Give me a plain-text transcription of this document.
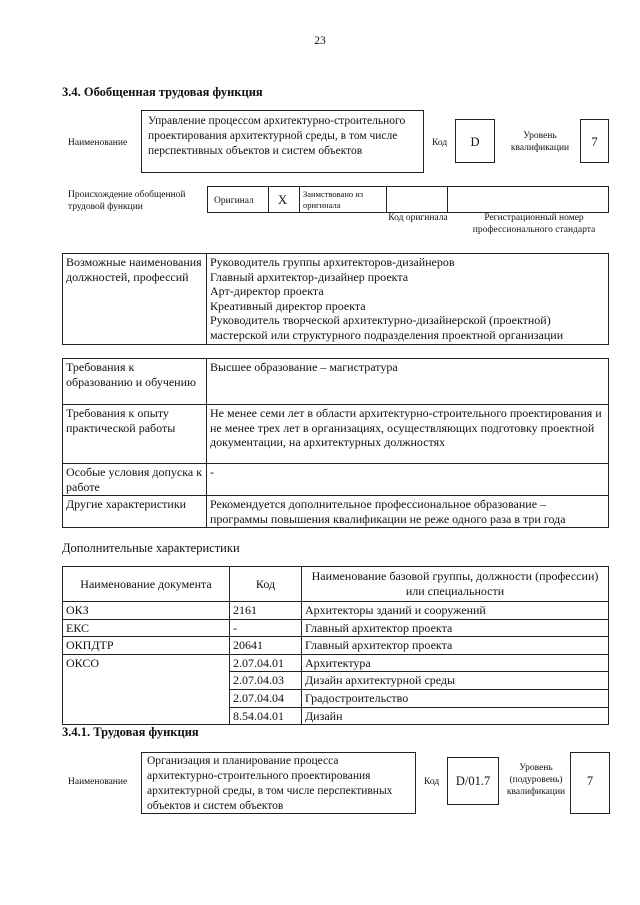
23
3.4. Обобщенная трудовая функция
Наименование
Управление процессом архитектурно-строительного проектирования архитектурной среды, в том числе перспективных объектов и систем объектов
Код	D	Уровень квалификации	7
Происхождение обобщенной трудовой функции
Оригинал X Заимствовано из оригинала
Код оригинала	Регистрационный номер профессионального стандарта
Возможные наименования должностей, профессий	
Руководитель группы архитекторов-дизайнеров
Главный архитектор-дизайнер проекта
Арт-директор проекта
Креативный директор проекта
Руководитель творческой архитектурно-дизайнерской (проектной) мастерской или структурного подразделения проектной организации
Требования к образованию и обучению	Высшее образование – магистратура
Требования к опыту практической работы	Не менее семи лет в области архитектурно-строительного проектирования и не менее трех лет в организациях, осуществляющих подготовку проектной документации, на архитектурных должностях
Особые условия допуска к работе	-
Другие характеристики	Рекомендуется дополнительное профессиональное образование – программы повышения квалификации не реже одного раза в три года
Дополнительные характеристики
Наименование документа	Код	Наименование базовой группы, должности (профессии) или специальности
ОКЗ	2161	Архитекторы зданий и сооружений
ЕКС	-	Главный архитектор проекта
ОКПДТР	20641	Главный архитектор проекта
ОКСО	2.07.04.01	Архитектура
	2.07.04.03	Дизайн архитектурной среды
	2.07.04.04	Градостроительство
	8.54.04.01	Дизайн
3.4.1. Трудовая функция
Наименование
Организация и планирование процесса архитектурно-строительного проектирования архитектурной среды, в том числе перспективных объектов и систем объектов
Код	D/01.7
Уровень (подуровень) квалификации
7
